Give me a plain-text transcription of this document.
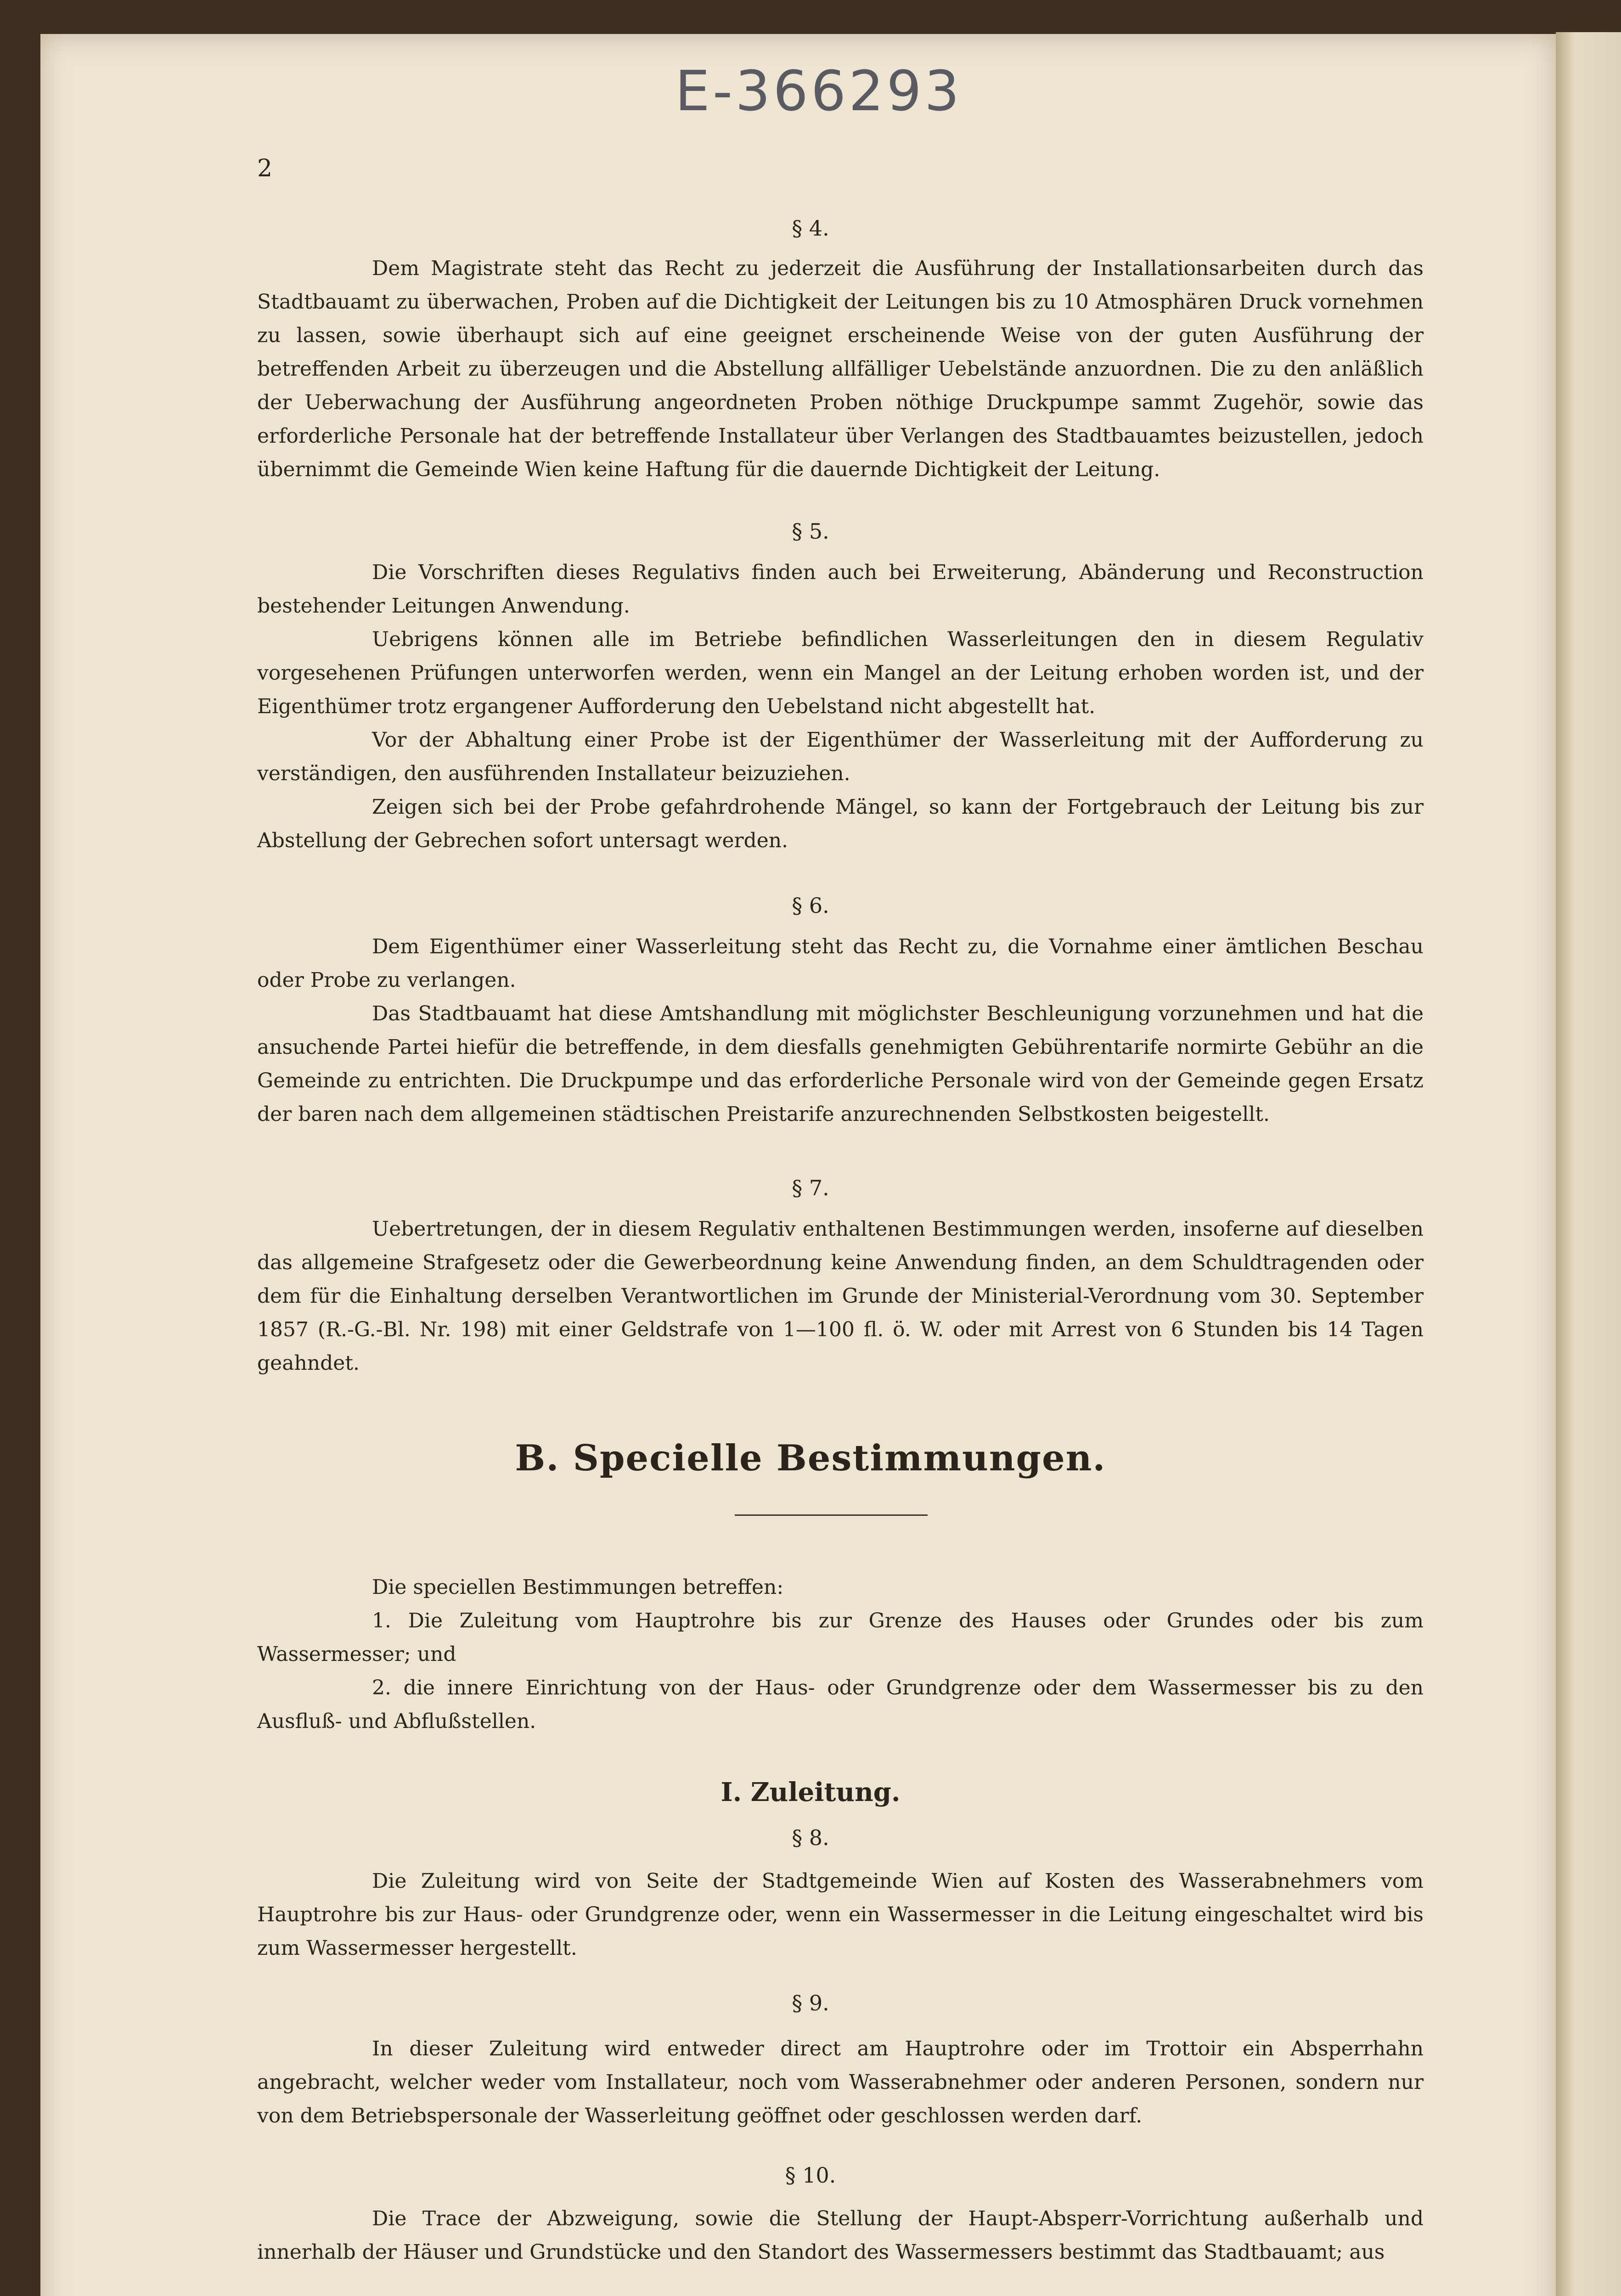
E-366293
2
§ 4.
Dem Magistrate steht das Recht zu jederzeit die Ausführung der Installationsarbeiten durch das Stadtbauamt zu überwachen, Proben auf die Dichtigkeit der Leitungen bis zu 10 Atmosphären Druck vornehmen zu lassen, sowie überhaupt sich auf eine geeignet erscheinende Weise von der guten Ausführung der betreffenden Arbeit zu überzeugen und die Abstellung allfälliger Uebelstände anzuordnen. Die zu den anläßlich der Ueberwachung der Ausführung angeordneten Proben nöthige Druckpumpe sammt Zugehör, sowie das erforderliche Personale hat der betreffende Installateur über Verlangen des Stadtbauamtes beizustellen, jedoch übernimmt die Gemeinde Wien keine Haftung für die dauernde Dichtigkeit der Leitung.
§ 5.
Die Vorschriften dieses Regulativs finden auch bei Erweiterung, Abänderung und Reconstruction bestehender Leitungen Anwendung.
Uebrigens können alle im Betriebe befindlichen Wasserleitungen den in diesem Regulativ vorgesehenen Prüfungen unterworfen werden, wenn ein Mangel an der Leitung erhoben worden ist, und der Eigenthümer trotz ergangener Aufforderung den Uebelstand nicht abgestellt hat.
Vor der Abhaltung einer Probe ist der Eigenthümer der Wasserleitung mit der Aufforderung zu verständigen, den ausführenden Installateur beizuziehen.
Zeigen sich bei der Probe gefahrdrohende Mängel, so kann der Fortgebrauch der Leitung bis zur Abstellung der Gebrechen sofort untersagt werden.
§ 6.
Dem Eigenthümer einer Wasserleitung steht das Recht zu, die Vornahme einer ämtlichen Beschau oder Probe zu verlangen.
Das Stadtbauamt hat diese Amtshandlung mit möglichster Beschleunigung vorzunehmen und hat die ansuchende Partei hiefür die betreffende, in dem diesfalls genehmigten Gebührentarife normirte Gebühr an die Gemeinde zu entrichten. Die Druckpumpe und das erforderliche Personale wird von der Gemeinde gegen Ersatz der baren nach dem allgemeinen städtischen Preistarife anzurechnenden Selbstkosten beigestellt.
§ 7.
Uebertretungen, der in diesem Regulativ enthaltenen Bestimmungen werden, insoferne auf dieselben das allgemeine Strafgesetz oder die Gewerbeordnung keine Anwendung finden, an dem Schuldtragenden oder dem für die Einhaltung derselben Verantwortlichen im Grunde der Ministerial-Verordnung vom 30. September 1857 (R.-G.-Bl. Nr. 198) mit einer Geldstrafe von 1—100 fl. ö. W. oder mit Arrest von 6 Stunden bis 14 Tagen geahndet.
B. Specielle Bestimmungen.
Die speciellen Bestimmungen betreffen:
1. Die Zuleitung vom Hauptrohre bis zur Grenze des Hauses oder Grundes oder bis zum Wassermesser; und
2. die innere Einrichtung von der Haus- oder Grundgrenze oder dem Wassermesser bis zu den Ausfluß- und Abflußstellen.
I. Zuleitung.
§ 8.
Die Zuleitung wird von Seite der Stadtgemeinde Wien auf Kosten des Wasserabnehmers vom Hauptrohre bis zur Haus- oder Grundgrenze oder, wenn ein Wassermesser in die Leitung eingeschaltet wird bis zum Wassermesser hergestellt.
§ 9.
In dieser Zuleitung wird entweder direct am Hauptrohre oder im Trottoir ein Absperrhahn angebracht, welcher weder vom Installateur, noch vom Wasserabnehmer oder anderen Personen, sondern nur von dem Betriebspersonale der Wasserleitung geöffnet oder geschlossen werden darf.
§ 10.
Die Trace der Abzweigung, sowie die Stellung der Haupt-Absperr-Vorrichtung außerhalb und innerhalb der Häuser und Grundstücke und den Standort des Wassermessers bestimmt das Stadtbauamt; aus
